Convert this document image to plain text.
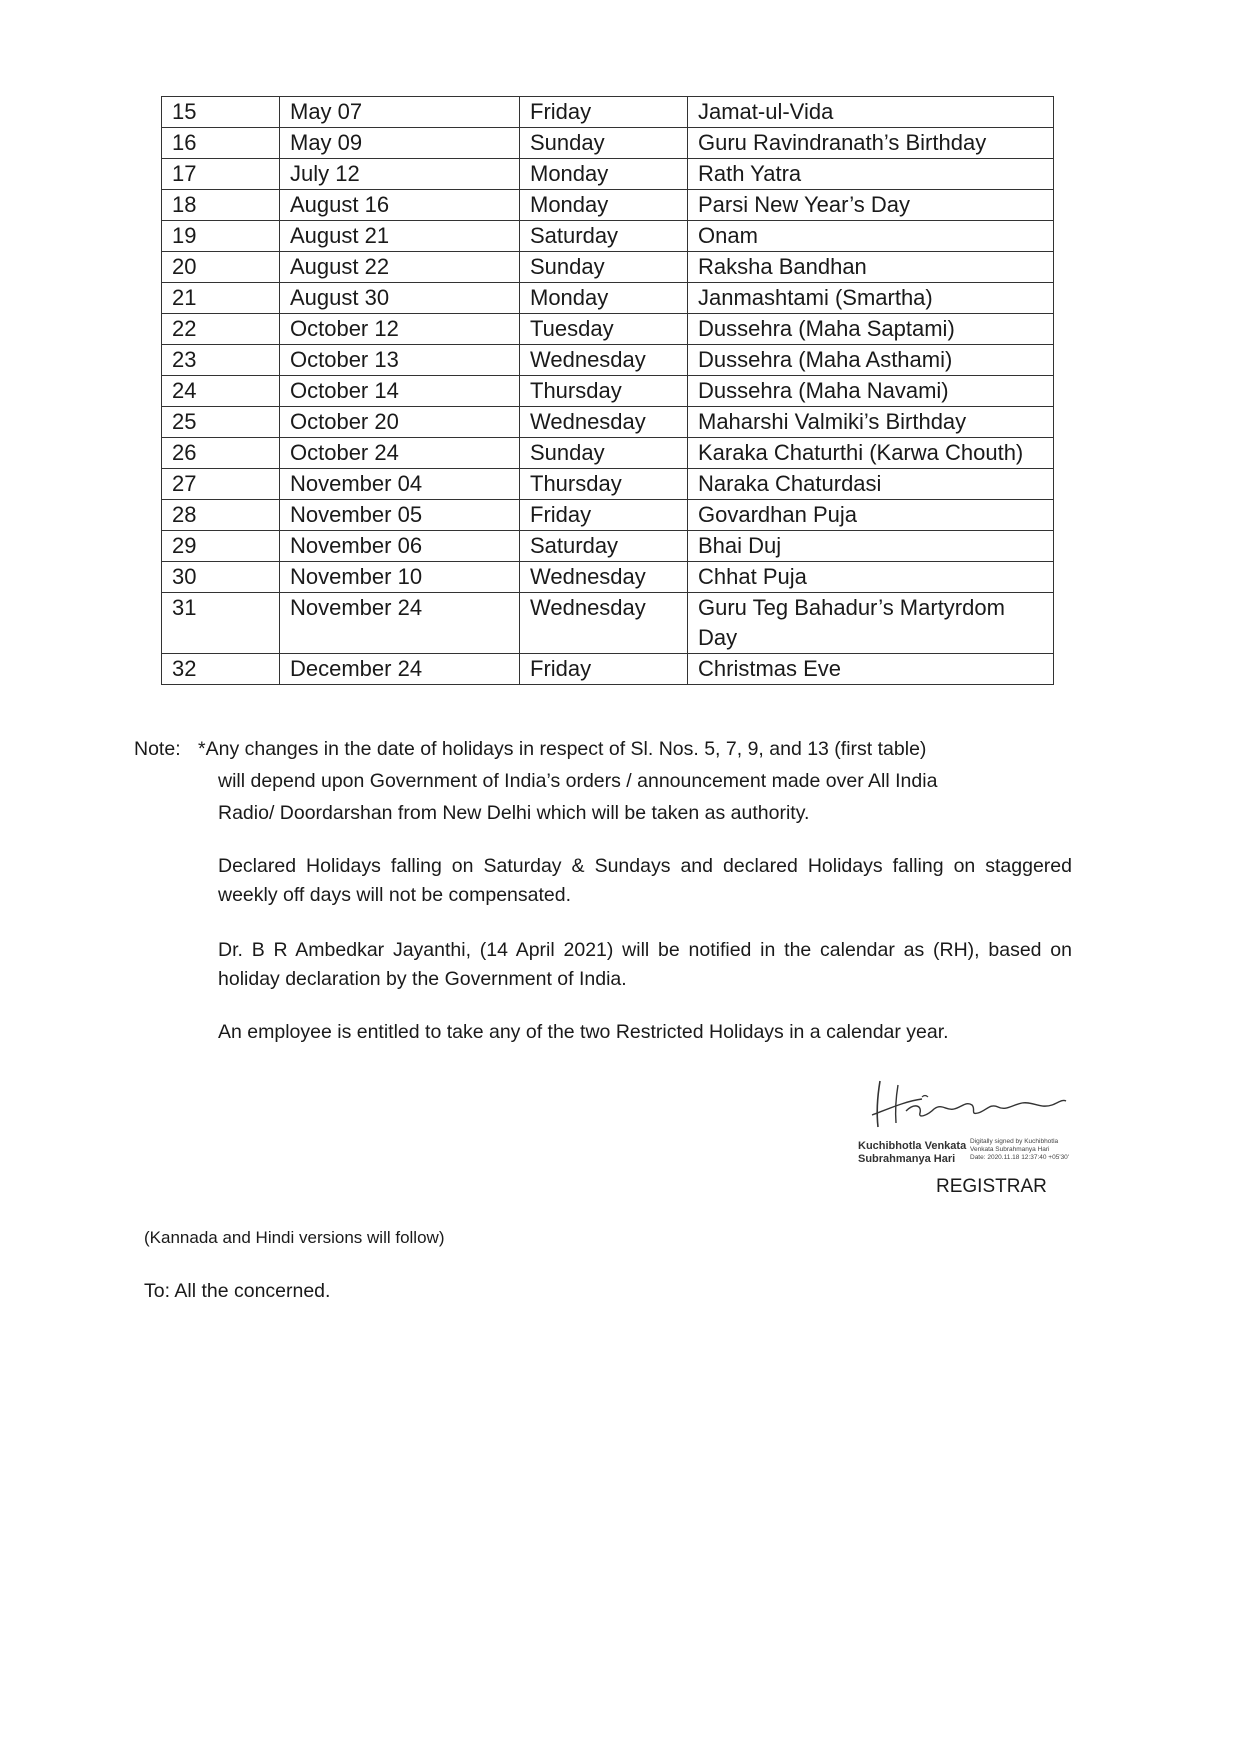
15	May 07	Friday	Jamat-ul-Vida
16	May 09	Sunday	Guru Ravindranath’s Birthday
17	July 12	Monday	Rath Yatra
18	August 16	Monday	Parsi New Year’s Day
19	August 21	Saturday	Onam
20	August 22	Sunday	Raksha Bandhan
21	August 30	Monday	Janmashtami (Smartha)
22	October 12	Tuesday	Dussehra (Maha Saptami)
23	October 13	Wednesday	Dussehra (Maha Asthami)
24	October 14	Thursday	Dussehra (Maha Navami)
25	October 20	Wednesday	Maharshi Valmiki’s Birthday
26	October 24	Sunday	Karaka Chaturthi (Karwa Chouth)
27	November 04	Thursday	Naraka Chaturdasi
28	November 05	Friday	Govardhan Puja
29	November 06	Saturday	Bhai Duj
30	November 10	Wednesday	Chhat Puja
31	November 24	Wednesday	Guru Teg Bahadur’s Martyrdom Day
32	December 24	Friday	Christmas Eve
Note: *Any changes in the date of holidays in respect of Sl. Nos. 5, 7, 9, and 13 (first table)
will depend upon Government of India’s orders / announcement made over All India
Radio/ Doordarshan from New Delhi which will be taken as authority.
Declared Holidays falling on Saturday & Sundays and declared Holidays falling on staggered weekly off days will not be compensated.
Dr. B R Ambedkar Jayanthi, (14 April 2021) will be notified in the calendar as (RH), based on holiday declaration by the Government of India.
An employee is entitled to take any of the two Restricted Holidays in a calendar year.
Kuchibhotla Venkata
Subrahmanya Hari
Digitally signed by Kuchibhotla
Venkata Subrahmanya Hari
Date: 2020.11.18 12:37:40 +05'30'
REGISTRAR
(Kannada and Hindi versions will follow)
To: All the concerned.
